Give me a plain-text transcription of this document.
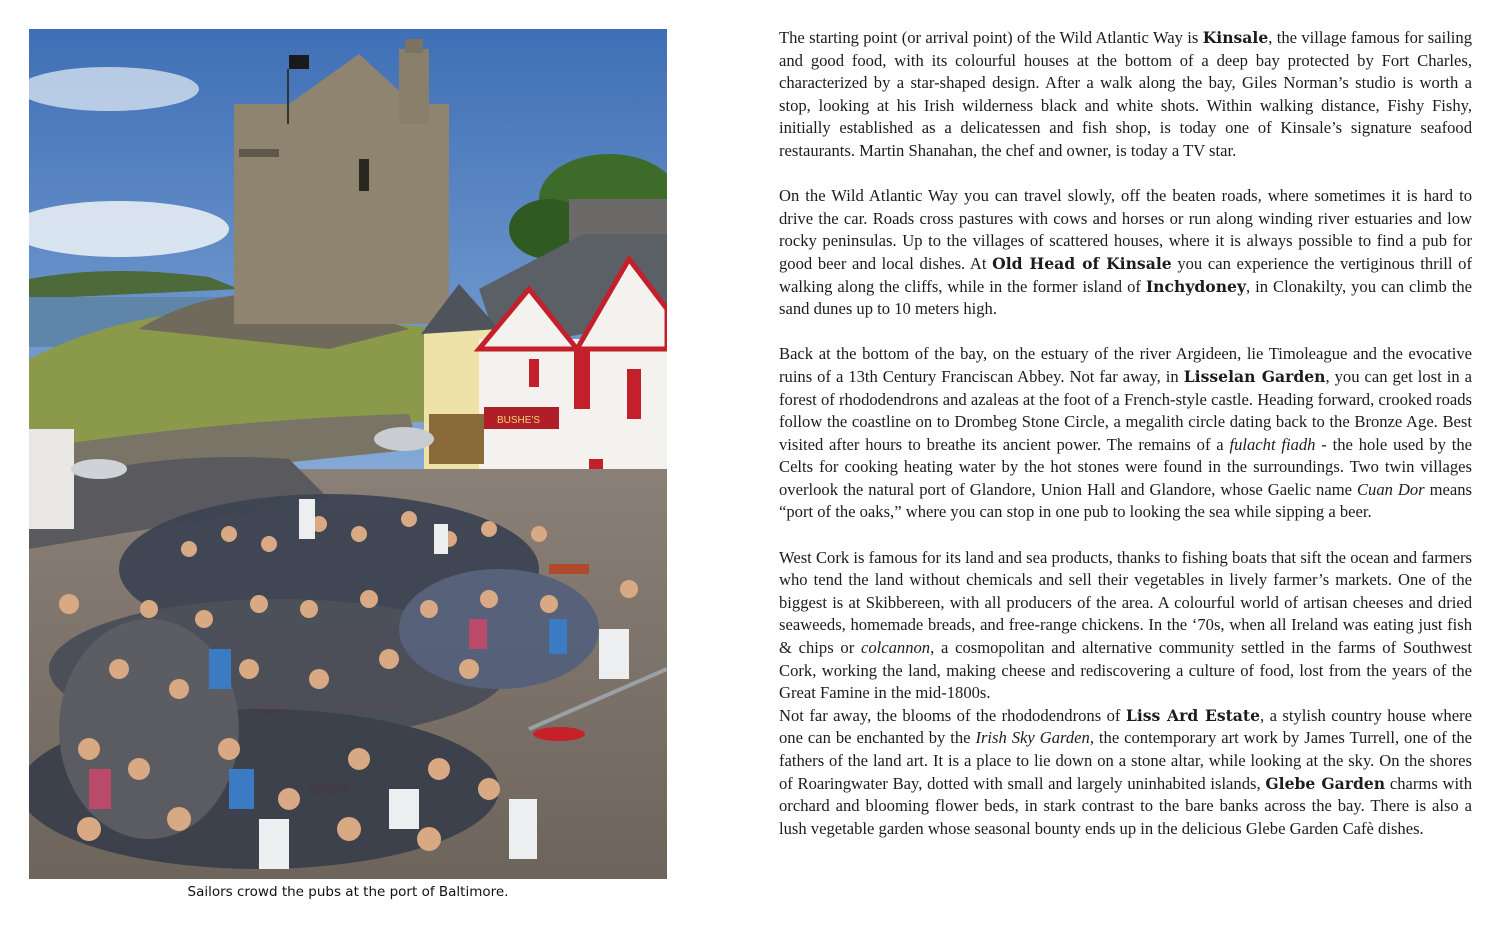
BUSHE'S
Sailors crowd the pubs at the port of Baltimore.

The starting point (or arrival point) of the Wild Atlantic Way is Kinsale, the village famous for sailing and good food, with its colourful houses at the bottom of a deep bay protected by Fort Charles, characterized by a star-shaped design. After a walk along the bay, Giles Norman’s studio is worth a stop, looking at his Irish wilderness black and white shots. Within walking distance, Fishy Fishy, initially established as a delicatessen and fish shop, is today one of Kinsale’s signature seafood restaurants. Martin Shanahan, the chef and owner, is today a TV star.

On the Wild Atlantic Way you can travel slowly, off the beaten roads, where sometimes it is hard to drive the car. Roads cross pastures with cows and horses or run along winding river estuaries and low rocky peninsulas. Up to the villages of scattered houses, where it is always possible to find a pub for good beer and local dishes. At Old Head of Kinsale you can experience the vertiginous thrill of walking along the cliffs, while in the former island of Inchydoney, in Clonakilty, you can climb the sand dunes up to 10 meters high.

Back at the bottom of the bay, on the estuary of the river Argideen, lie Timoleague and the evocative ruins of a 13th Century Franciscan Abbey. Not far away, in Lisselan Garden, you can get lost in a forest of rhododendrons and azaleas at the foot of a French-style castle. Heading forward, crooked roads follow the coastline on to Drombeg Stone Circle, a megalith circle dating back to the Bronze Age. Best visited after hours to breathe its ancient power. The remains of a fulacht fiadh - the hole used by the Celts for cooking heating water by the hot stones were found in the surroundings. Two twin villages overlook the natural port of Glandore, Union Hall and Glandore, whose Gaelic name Cuan Dor means “port of the oaks,” where you can stop in one pub to looking the sea while sipping a beer.

West Cork is famous for its land and sea products, thanks to fishing boats that sift the ocean and farmers who tend the land without chemicals and sell their vegetables in lively farmer’s markets. One of the biggest is at Skibbereen, with all producers of the area. A colourful world of artisan cheeses and dried seaweeds, homemade breads, and free-range chickens. In the ‘70s, when all Ireland was eating just fish & chips or colcannon, a cosmopolitan and alternative community settled in the farms of Southwest Cork, working the land, making cheese and rediscovering a culture of food, lost from the years of the Great Famine in the mid-1800s.

Not far away, the blooms of the rhododendrons of Liss Ard Estate, a stylish country house where one can be enchanted by the Irish Sky Garden, the contemporary art work by James Turrell, one of the fathers of the land art. It is a place to lie down on a stone altar, while looking at the sky. On the shores of Roaringwater Bay, dotted with small and largely uninhabited islands, Glebe Garden charms with orchard and blooming flower beds, in stark contrast to the bare banks across the bay. There is also a lush vegetable garden whose seasonal bounty ends up in the delicious Glebe Garden Cafè dishes.
